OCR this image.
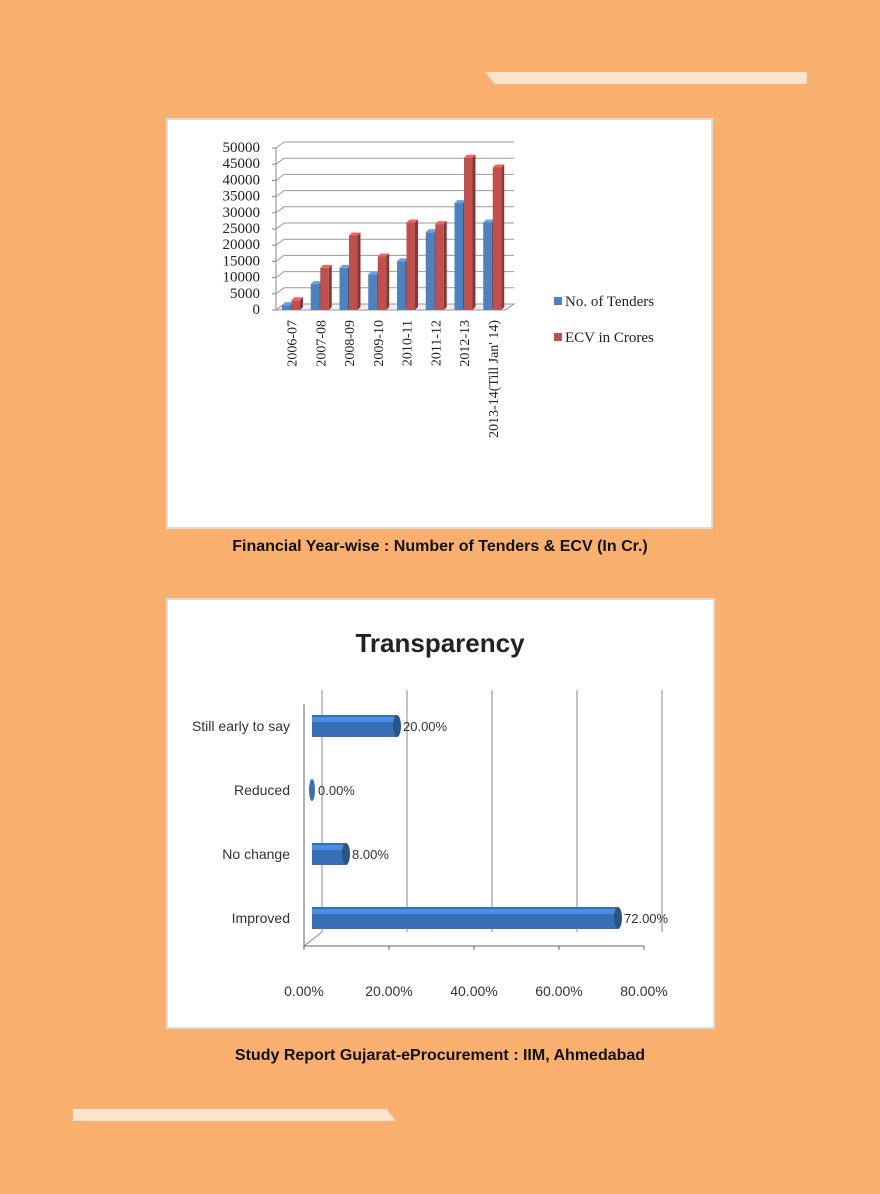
0
5000
10000
15000
20000
25000
30000
35000
40000
45000
50000
2006-07 2007-08 2008-09 2009-10 2010-11 2011-12 2012-13 2013-14(Till Jan' 14)
No. of Tenders
ECV in Crores
Financial Year-wise : Number of Tenders & ECV (In Cr.)
Transparency
0.00%	20.00%	40.00%	60.00%	80.00%
Still early to say	20.00%
Reduced 0.00%
No change	8.00%
Improved	72.00%
Study Report Gujarat-eProcurement : IIM, Ahmedabad
